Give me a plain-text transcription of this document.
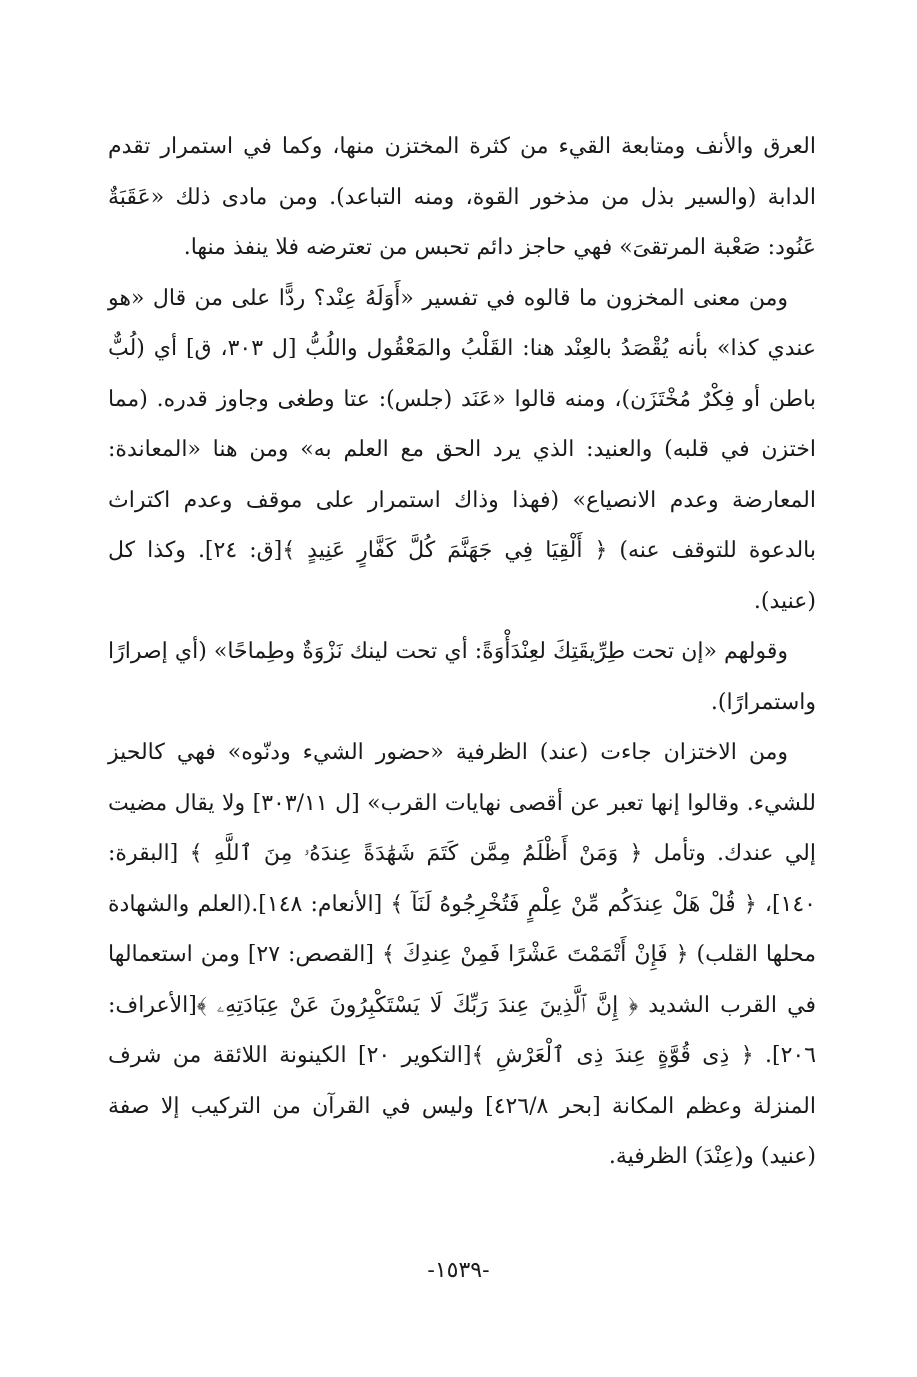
العرق والأنف ومتابعة القيء من كثرة المختزن منها، وكما في استمرار تقدم الدابة (والسير بذل من مذخور القوة، ومنه التباعد). ومن مادى ذلك «عَقَبَةٌ عَنُود: صَعْبة المرتقىَ» فهي حاجز دائم تحبس من تعترضه فلا ينفذ منها.

ومن معنى المخزون ما قالوه في تفسير «أَوَلَهُ عِنْد؟ ردًّا على من قال «هو عندي كذا» بأنه يُقْصَدُ بالعِنْد هنا: القَلْبُ والمَعْقُول واللُبُّ [ل ٣٠٣، ق] أي (لُبٌّ باطن أو فِكْرٌ مُخْتَزَن)، ومنه قالوا «عَنَد (جلس): عتا وطغى وجاوز قدره. (مما اختزن في قلبه) والعنيد: الذي يرد الحق مع العلم به» ومن هنا «المعاندة: المعارضة وعدم الانصياع» (فهذا وذاك استمرار على موقف وعدم اكتراث بالدعوة للتوقف عنه) ﴿ أَلْقِيَا فِي جَهَنَّمَ كُلَّ كَفَّارٍ عَنِيدٍ ﴾[ق: ٢٤]. وكذا كل (عنيد).

وقولهم «إن تحت طِرِّيقَتِكَ لعِنْدَأْوَةً: أي تحت لينك نَزْوَةٌ وطِماحًا» (أي إصرارًا واستمرارًا).

ومن الاختزان جاءت (عند) الظرفية «حضور الشيء ودنّوه» فهي كالحيز للشيء. وقالوا إنها تعبر عن أقصى نهايات القرب» [ل ٣٠٣/١١] ولا يقال مضيت إلي عندك. وتأمل ﴿ وَمَنْ أَظْلَمُ مِمَّن كَتَمَ شَهَٰدَةً عِندَهُۥ مِنَ ٱللَّهِ ﴾ [البقرة: ١٤٠]، ﴿ قُلْ هَلْ عِندَكُم مِّنْ عِلْمٍ فَتُخْرِجُوهُ لَنَآ ﴾ [الأنعام: ١٤٨].(العلم والشهادة محلها القلب) ﴿ فَإِنْ أَتْمَمْتَ عَشْرًا فَمِنْ عِندِكَ ﴾ [القصص: ٢٧] ومن استعمالها في القرب الشديد ﴿ إِنَّ ٱلَّذِينَ عِندَ رَبِّكَ لَا يَسْتَكْبِرُونَ عَنْ عِبَادَتِهِۦ ﴾[الأعراف: ٢٠٦]. ﴿ ذِى قُوَّةٍ عِندَ ذِى ٱلْعَرْشِ ﴾[التكوير ٢٠] الكينونة اللائقة من شرف المنزلة وعظم المكانة [بحر ٤٢٦/٨] وليس في القرآن من التركيب إلا صفة (عنيد) و(عِنْدَ) الظرفية.

-١٥٣٩-
